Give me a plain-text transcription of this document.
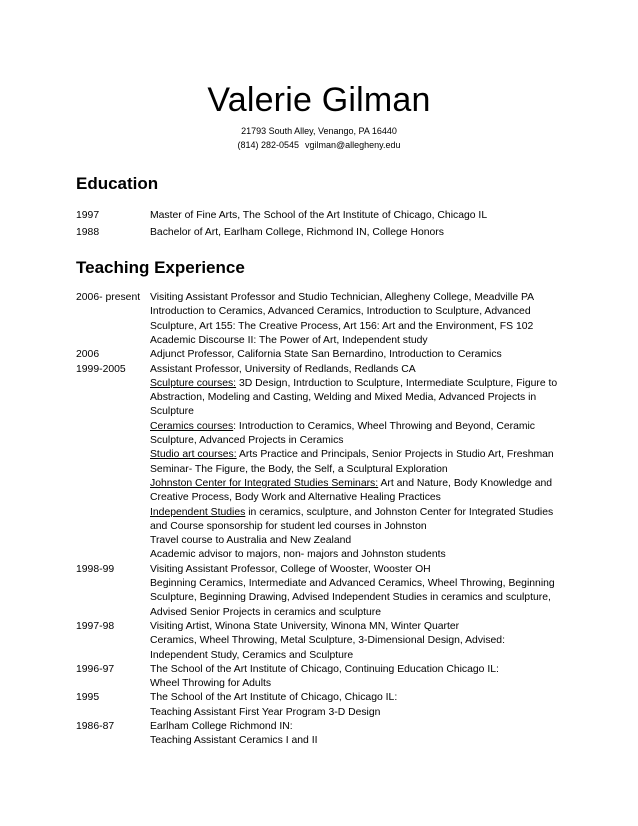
Valerie Gilman
21793 South Alley, Venango, PA 16440
(814) 282-0545 vgilman@allegheny.edu
Education
1997	Master of Fine Arts, The School of the Art Institute of Chicago, Chicago IL
1988	Bachelor of Art, Earlham College, Richmond IN, College Honors
Teaching Experience
2006- present Visiting Assistant Professor and Studio Technician, Allegheny College, Meadville PA
Introduction to Ceramics, Advanced Ceramics, Introduction to Sculpture, Advanced
Sculpture, Art 155: The Creative Process, Art 156: Art and the Environment, FS 102
Academic Discourse II: The Power of Art, Independent study
2006	Adjunct Professor, California State San Bernardino, Introduction to Ceramics
1999-2005 Assistant Professor, University of Redlands, Redlands CA
Sculpture courses: 3D Design, Intrduction to Sculpture, Intermediate Sculpture, Figure to
Abstraction, Modeling and Casting, Welding and Mixed Media, Advanced Projects in
Sculpture
Ceramics courses: Introduction to Ceramics, Wheel Throwing and Beyond, Ceramic
Sculpture, Advanced Projects in Ceramics
Studio art courses: Arts Practice and Principals, Senior Projects in Studio Art, Freshman
Seminar- The Figure, the Body, the Self, a Sculptural Exploration
Johnston Center for Integrated Studies Seminars: Art and Nature, Body Knowledge and
Creative Process, Body Work and Alternative Healing Practices
Independent Studies in ceramics, sculpture, and Johnston Center for Integrated Studies
and Course sponsorship for student led courses in Johnston
Travel course to Australia and New Zealand
Academic advisor to majors, non- majors and Johnston students
1998-99	Visiting Assistant Professor, College of Wooster, Wooster OH
Beginning Ceramics, Intermediate and Advanced Ceramics, Wheel Throwing, Beginning
Sculpture, Beginning Drawing, Advised Independent Studies in ceramics and sculpture,
Advised Senior Projects in ceramics and sculpture
1997-98	Visiting Artist, Winona State University, Winona MN, Winter Quarter
Ceramics, Wheel Throwing, Metal Sculpture, 3-Dimensional Design, Advised:
Independent Study, Ceramics and Sculpture
1996-97	The School of the Art Institute of Chicago, Continuing Education Chicago IL:
Wheel Throwing for Adults
1995	The School of the Art Institute of Chicago, Chicago IL:
Teaching Assistant First Year Program 3-D Design
1986-87	Earlham College Richmond IN:
Teaching Assistant Ceramics I and II
